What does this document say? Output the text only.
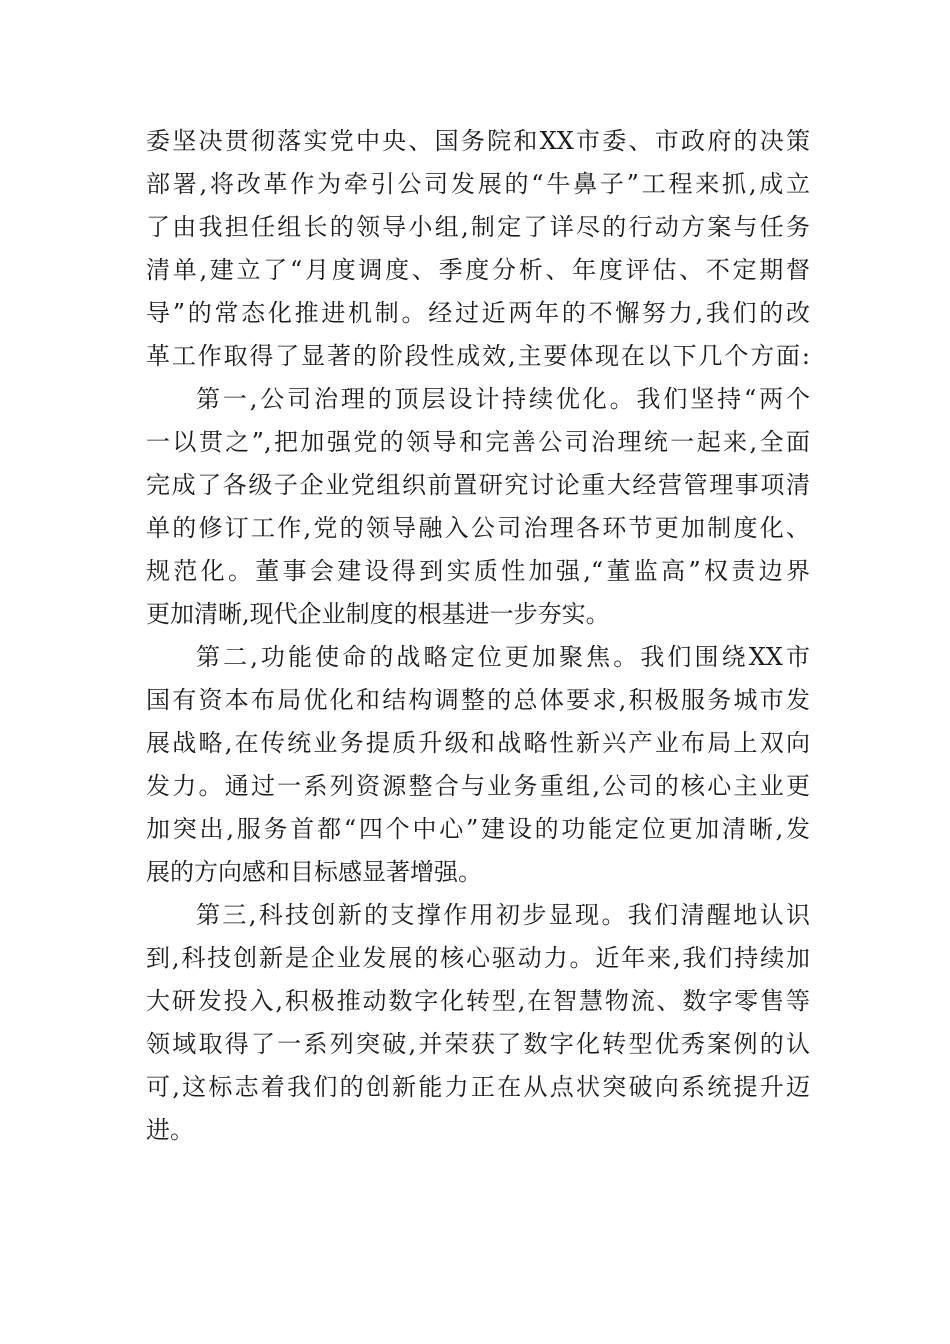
委坚决贯彻落实党中央、国务院和XX市委、市政府的决策
部署,将改革作为牵引公司发展的“牛鼻子”工程来抓,成立
了由我担任组长的领导小组,制定了详尽的行动方案与任务
清单,建立了“月度调度、季度分析、年度评估、不定期督
导”的常态化推进机制。经过近两年的不懈努力,我们的改
革工作取得了显著的阶段性成效,主要体现在以下几个方面:
第一,公司治理的顶层设计持续优化。我们坚持“两个
一以贯之”,把加强党的领导和完善公司治理统一起来,全面
完成了各级子企业党组织前置研究讨论重大经营管理事项清
单的修订工作,党的领导融入公司治理各环节更加制度化、
规范化。董事会建设得到实质性加强,“董监高”权责边界
更加清晰,现代企业制度的根基进一步夯实。
第二,功能使命的战略定位更加聚焦。我们围绕XX市
国有资本布局优化和结构调整的总体要求,积极服务城市发
展战略,在传统业务提质升级和战略性新兴产业布局上双向
发力。通过一系列资源整合与业务重组,公司的核心主业更
加突出,服务首都“四个中心”建设的功能定位更加清晰,发
展的方向感和目标感显著增强。
第三,科技创新的支撑作用初步显现。我们清醒地认识
到,科技创新是企业发展的核心驱动力。近年来,我们持续加
大研发投入,积极推动数字化转型,在智慧物流、数字零售等
领域取得了一系列突破,并荣获了数字化转型优秀案例的认
可,这标志着我们的创新能力正在从点状突破向系统提升迈
进。
